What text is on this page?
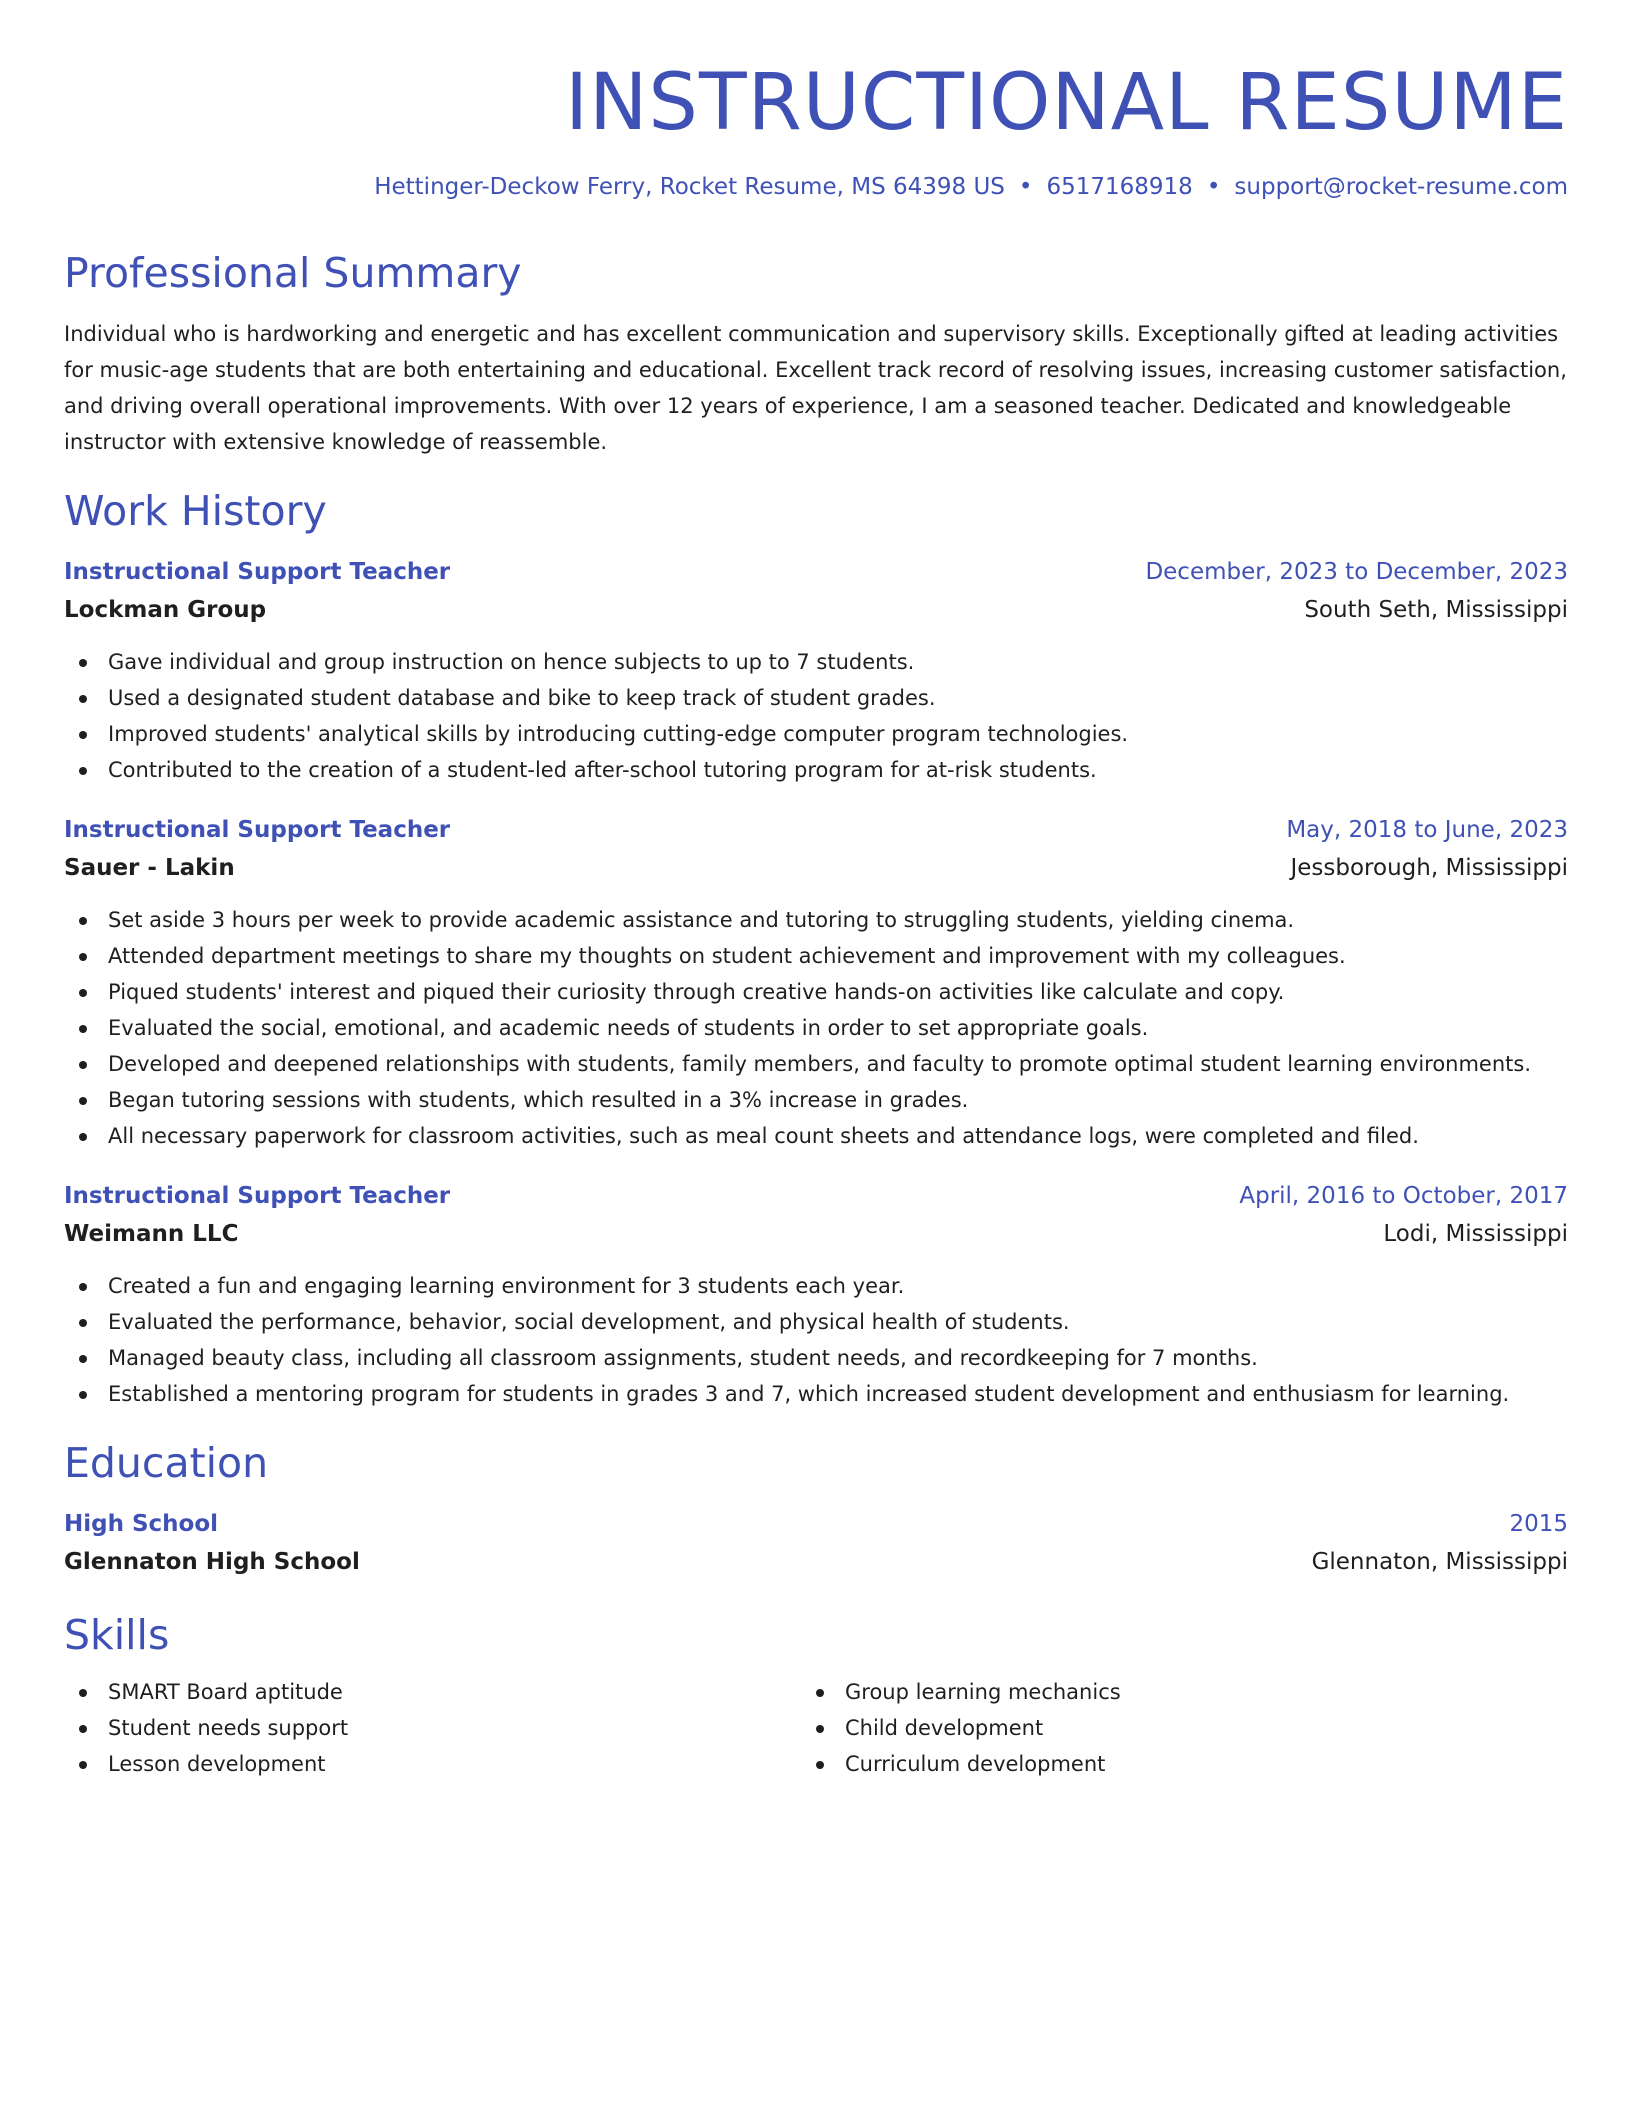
INSTRUCTIONAL RESUME
Hettinger-Deckow Ferry, Rocket Resume, MS 64398 US • 6517168918 • support@rocket-resume.com
Professional Summary

Individual who is hardworking and energetic and has excellent communication and supervisory skills. Exceptionally gifted at leading activities for music-age students that are both entertaining and educational. Excellent track record of resolving issues, increasing customer satisfaction, and driving overall operational improvements. With over 12 years of experience, I am a seasoned teacher. Dedicated and knowledgeable instructor with extensive knowledge of reassemble.

Work History
Instructional Support Teacher	December, 2023 to December, 2023
Lockman Group	South Seth, Mississippi
Gave individual and group instruction on hence subjects to up to 7 students.
Used a designated student database and bike to keep track of student grades.
Improved students' analytical skills by introducing cutting-edge computer program technologies.
Contributed to the creation of a student-led after-school tutoring program for at-risk students.
Instructional Support Teacher	May, 2018 to June, 2023
Sauer - Lakin	Jessborough, Mississippi
Set aside 3 hours per week to provide academic assistance and tutoring to struggling students, yielding cinema.
Attended department meetings to share my thoughts on student achievement and improvement with my colleagues.
Piqued students' interest and piqued their curiosity through creative hands-on activities like calculate and copy.
Evaluated the social, emotional, and academic needs of students in order to set appropriate goals.
Developed and deepened relationships with students, family members, and faculty to promote optimal student learning environments.
Began tutoring sessions with students, which resulted in a 3% increase in grades.
All necessary paperwork for classroom activities, such as meal count sheets and attendance logs, were completed and filed.
Instructional Support Teacher	April, 2016 to October, 2017
Weimann LLC	Lodi, Mississippi
Created a fun and engaging learning environment for 3 students each year.
Evaluated the performance, behavior, social development, and physical health of students.
Managed beauty class, including all classroom assignments, student needs, and recordkeeping for 7 months.
Established a mentoring program for students in grades 3 and 7, which increased student development and enthusiasm for learning.
Education
High School	2015
Glennaton High School	Glennaton, Mississippi
Skills
SMART Board aptitude
Student needs support
Lesson development
Group learning mechanics
Child development
Curriculum development
